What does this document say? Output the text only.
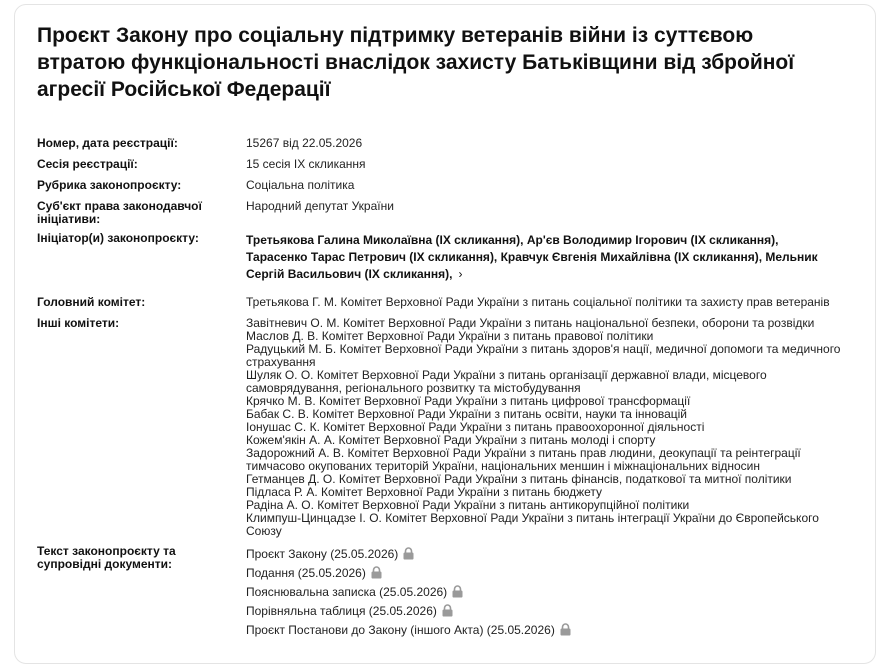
Проєкт Закону про соціальну підтримку ветеранів війни із суттєвою втратою функціональності внаслідок захисту Батьківщини від збройної агресії Російської Федерації
Номер, дата реєстрації:	15267 від 22.05.2026
Сесія реєстрації:	15 сесія IX скликання
Рубрика законопроєкту:	Соціальна політика
Суб'єкт права законодавчої ініціативи:
Народний депутат України
Ініціатор(и) законопроєкту:	Третьякова Галина Миколаївна (IX скликання), Ар'єв Володимир Ігорович (IX скликання), Тарасенко Тарас Петрович (IX скликання), Кравчук Євгенія Михайлівна (IX скликання), Мельник Сергій Васильович (IX скликання), ›
Головний комітет:	Третьякова Г. М. Комітет Верховної Ради України з питань соціальної політики та захисту прав ветеранів
Інші комітети:	Завітневич О. М. Комітет Верховної Ради України з питань національної безпеки, оборони та розвідки
Маслов Д. В. Комітет Верховної Ради України з питань правової політики
Радуцький М. Б. Комітет Верховної Ради України з питань здоров'я нації, медичної допомоги та медичного страхування
Шуляк О. О. Комітет Верховної Ради України з питань організації державної влади, місцевого самоврядування, регіонального розвитку та містобудування
Крячко М. В. Комітет Верховної Ради України з питань цифрової трансформації
Бабак С. В. Комітет Верховної Ради України з питань освіти, науки та інновацій
Іонушас С. К. Комітет Верховної Ради України з питань правоохоронної діяльності
Кожем'якін А. А. Комітет Верховної Ради України з питань молоді і спорту
Задорожний А. В. Комітет Верховної Ради України з питань прав людини, деокупації та реінтеграції тимчасово окупованих територій України, національних меншин і міжнаціональних відносин
Гетманцев Д. О. Комітет Верховної Ради України з питань фінансів, податкової та митної політики
Підласа Р. А. Комітет Верховної Ради України з питань бюджету
Радіна А. О. Комітет Верховної Ради України з питань антикорупційної політики
Климпуш-Цинцадзе І. О. Комітет Верховної Ради України з питань інтеграції України до Європейського Союзу
Текст законопроєкту та супровідні документи:
Проєкт Закону (25.05.2026)
Подання (25.05.2026)
Пояснювальна записка (25.05.2026)
Порівняльна таблиця (25.05.2026)
Проєкт Постанови до Закону (іншого Акта) (25.05.2026)
